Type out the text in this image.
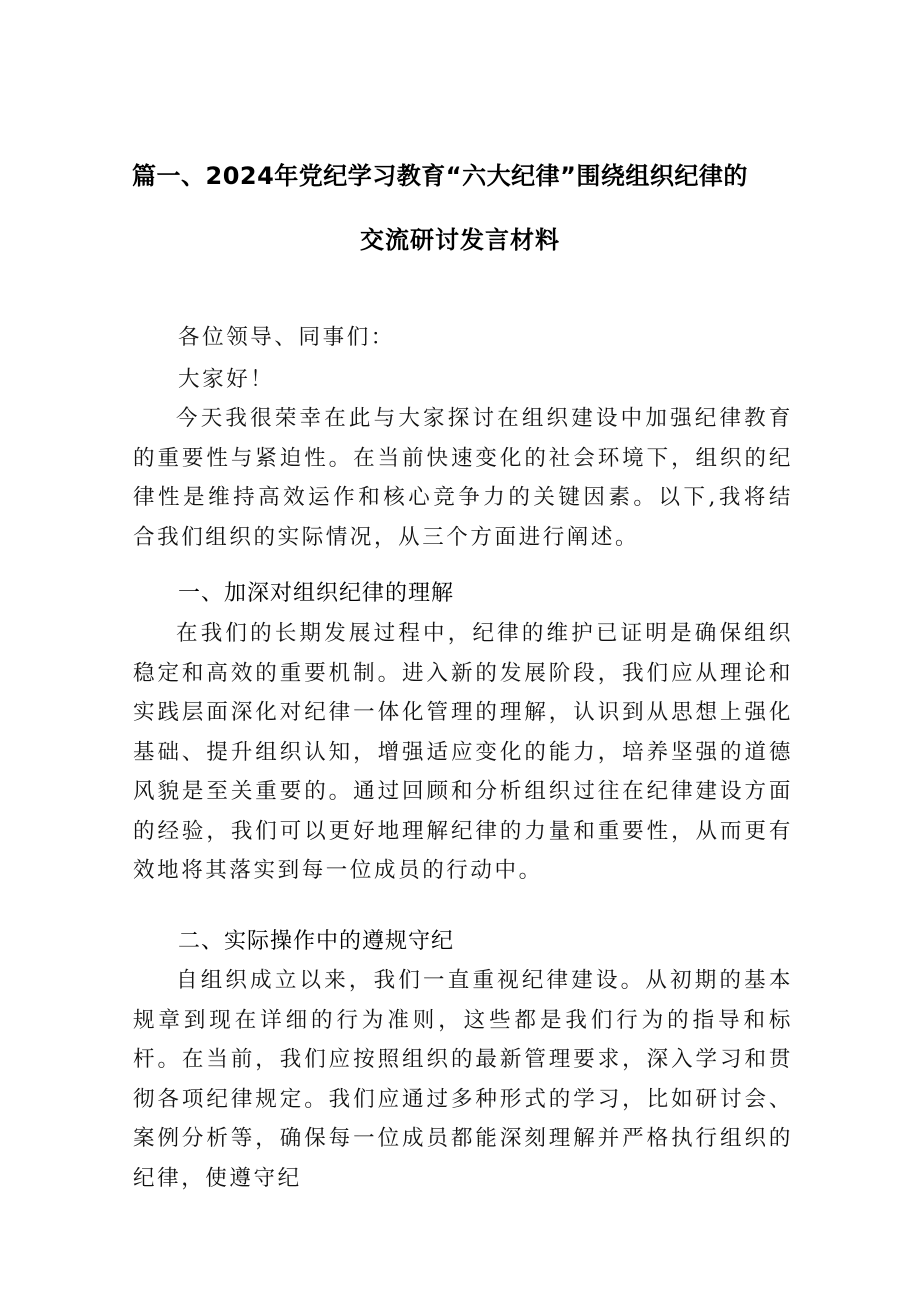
篇一、2024年党纪学习教育“六大纪律”围绕组织纪律的
交流研讨发言材料

各位领导、同事们：

大家好！

今天我很荣幸在此与大家探讨在组织建设中加强纪律教育的重要性与紧迫性。在当前快速变化的社会环境下，组织的纪律性是维持高效运作和核心竞争力的关键因素。以下,我将结合我们组织的实际情况，从三个方面进行阐述。

一、加深对组织纪律的理解

在我们的长期发展过程中，纪律的维护已证明是确保组织稳定和高效的重要机制。进入新的发展阶段，我们应从理论和实践层面深化对纪律一体化管理的理解，认识到从思想上强化基础、提升组织认知，增强适应变化的能力，培养坚强的道德风貌是至关重要的。通过回顾和分析组织过往在纪律建设方面的经验，我们可以更好地理解纪律的力量和重要性，从而更有效地将其落实到每一位成员的行动中。

二、实际操作中的遵规守纪

自组织成立以来，我们一直重视纪律建设。从初期的基本规章到现在详细的行为准则，这些都是我们行为的指导和标杆。在当前，我们应按照组织的最新管理要求，深入学习和贯彻各项纪律规定。我们应通过多种形式的学习，比如研讨会、案例分析等，确保每一位成员都能深刻理解并严格执行组织的纪律，使遵守纪
